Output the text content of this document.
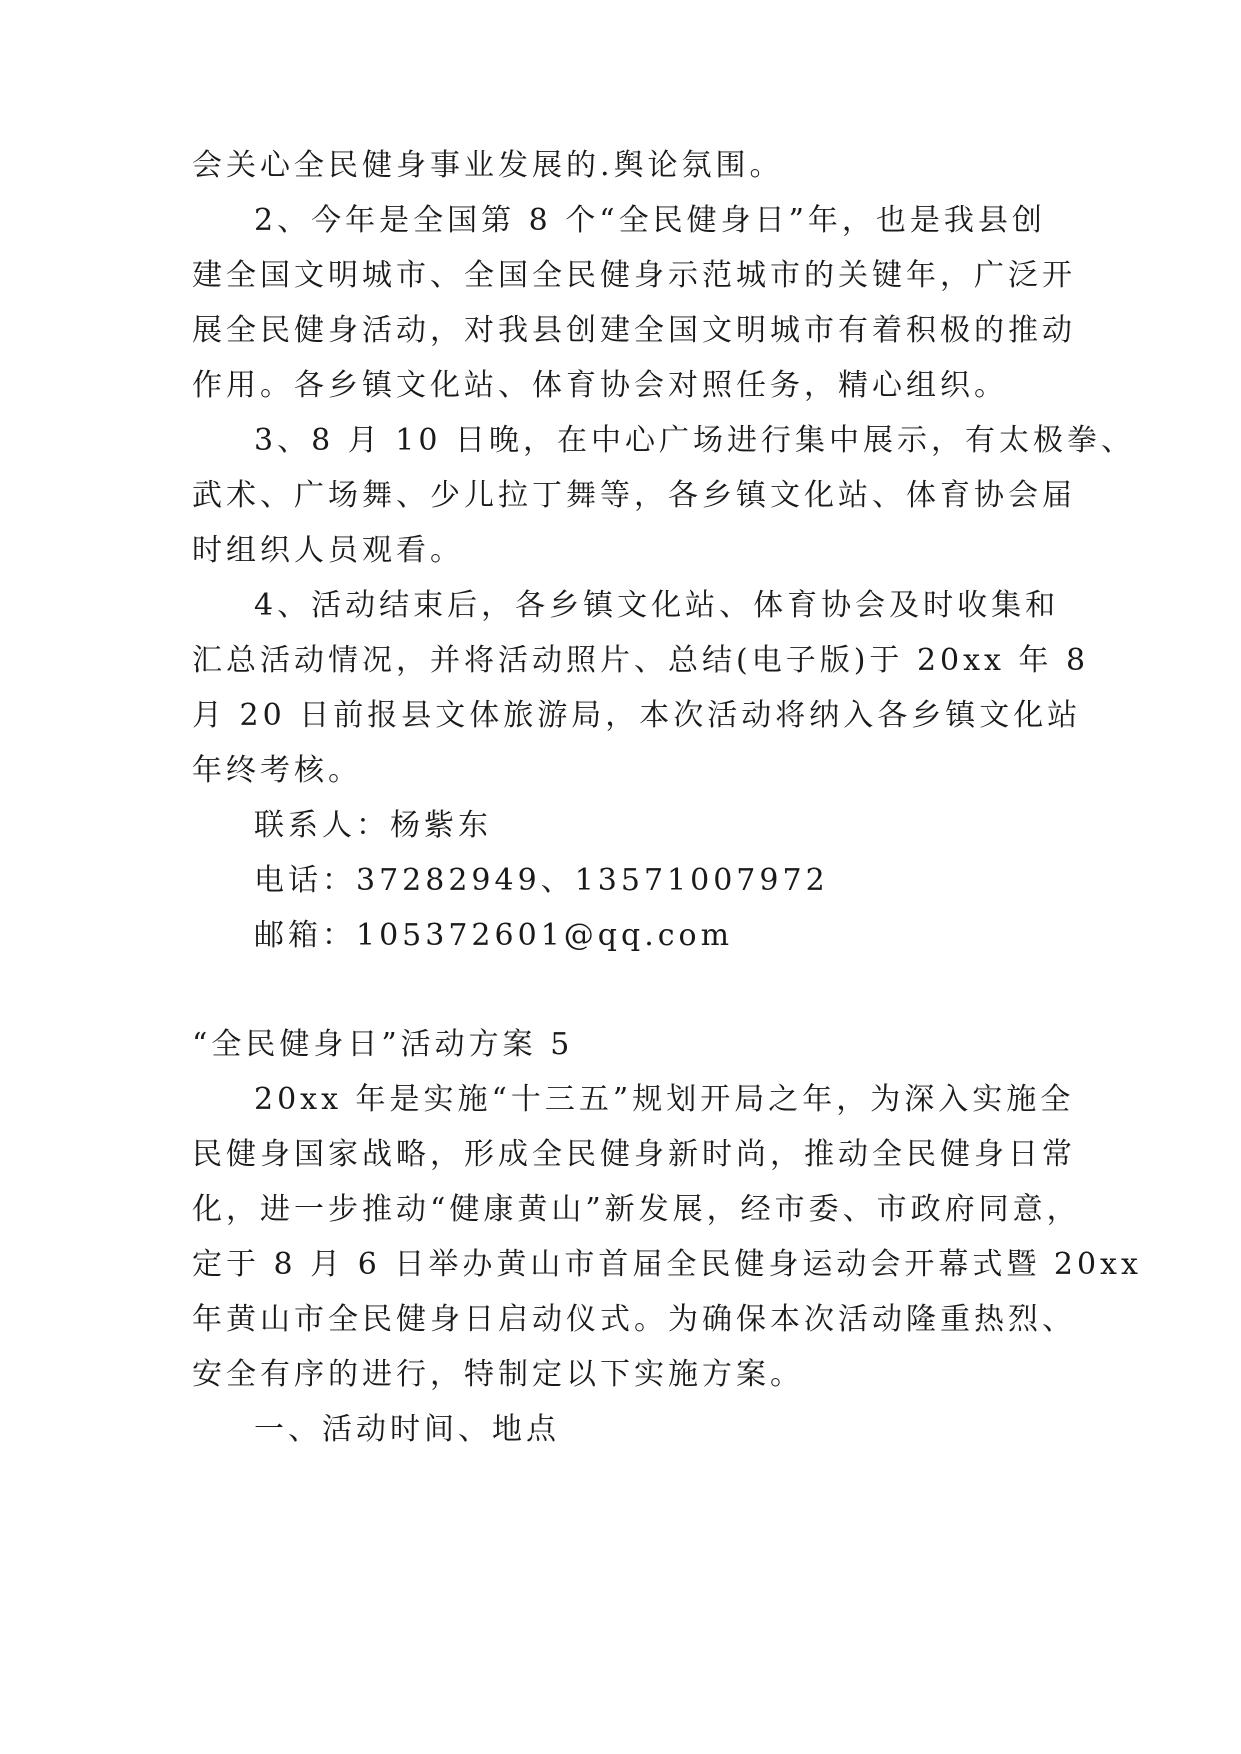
会关心全民健身事业发展的.舆论氛围。
2、今年是全国第 8 个“全民健身日”年，也是我县创
建全国文明城市、全国全民健身示范城市的关键年，广泛开
展全民健身活动，对我县创建全国文明城市有着积极的推动
作用。各乡镇文化站、体育协会对照任务，精心组织。
3、8 月 10 日晚，在中心广场进行集中展示，有太极拳、
武术、广场舞、少儿拉丁舞等，各乡镇文化站、体育协会届
时组织人员观看。
4、活动结束后，各乡镇文化站、体育协会及时收集和
汇总活动情况，并将活动照片、总结(电子版)于 20xx 年 8
月 20 日前报县文体旅游局，本次活动将纳入各乡镇文化站
年终考核。
联系人：杨紫东
电话：37282949、13571007972
邮箱：105372601@qq.com
“全民健身日”活动方案 5
20xx 年是实施“十三五”规划开局之年，为深入实施全
民健身国家战略，形成全民健身新时尚，推动全民健身日常
化，进一步推动“健康黄山”新发展，经市委、市政府同意，
定于 8 月 6 日举办黄山市首届全民健身运动会开幕式暨 20xx
年黄山市全民健身日启动仪式。为确保本次活动隆重热烈、
安全有序的进行，特制定以下实施方案。
一、活动时间、地点
